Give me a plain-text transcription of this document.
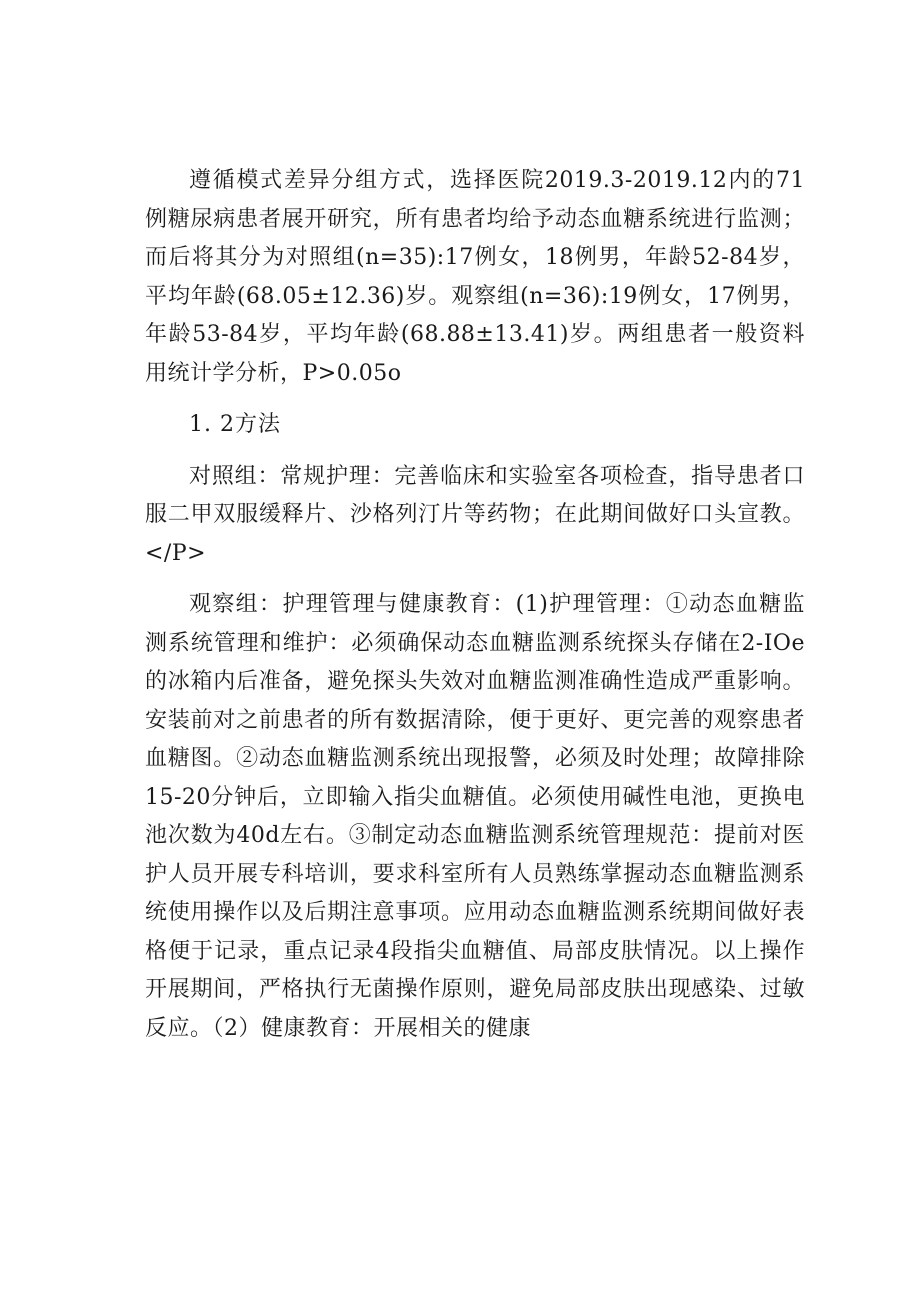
遵循模式差异分组方式，选择医院2019.3-2019.12内的71例糖尿病患者展开研究，所有患者均给予动态血糖系统进行监测；而后将其分为对照组(n=35):17例女，18例男，年龄52-84岁，平均年龄(68.05±12.36)岁。观察组(n=36):19例女，17例男，年龄53-84岁，平均年龄(68.88±13.41)岁。两组患者一般资料用统计学分析，P>0.05o

1. 2方法

对照组：常规护理：完善临床和实验室各项检查，指导患者口服二甲双服缓释片、沙格列汀片等药物；在此期间做好口头宣教。</P>

观察组：护理管理与健康教育：(1)护理管理：①动态血糖监测系统管理和维护：必须确保动态血糖监测系统探头存储在2-IOe的冰箱内后准备，避免探头失效对血糖监测准确性造成严重影响。安装前对之前患者的所有数据清除，便于更好、更完善的观察患者血糖图。②动态血糖监测系统出现报警，必须及时处理；故障排除15-20分钟后，立即输入指尖血糖值。必须使用碱性电池，更换电池次数为40d左右。③制定动态血糖监测系统管理规范：提前对医护人员开展专科培训，要求科室所有人员熟练掌握动态血糖监测系统使用操作以及后期注意事项。应用动态血糖监测系统期间做好表格便于记录，重点记录4段指尖血糖值、局部皮肤情况。以上操作开展期间，严格执行无菌操作原则，避免局部皮肤出现感染、过敏反应。（2）健康教育：开展相关的健康
